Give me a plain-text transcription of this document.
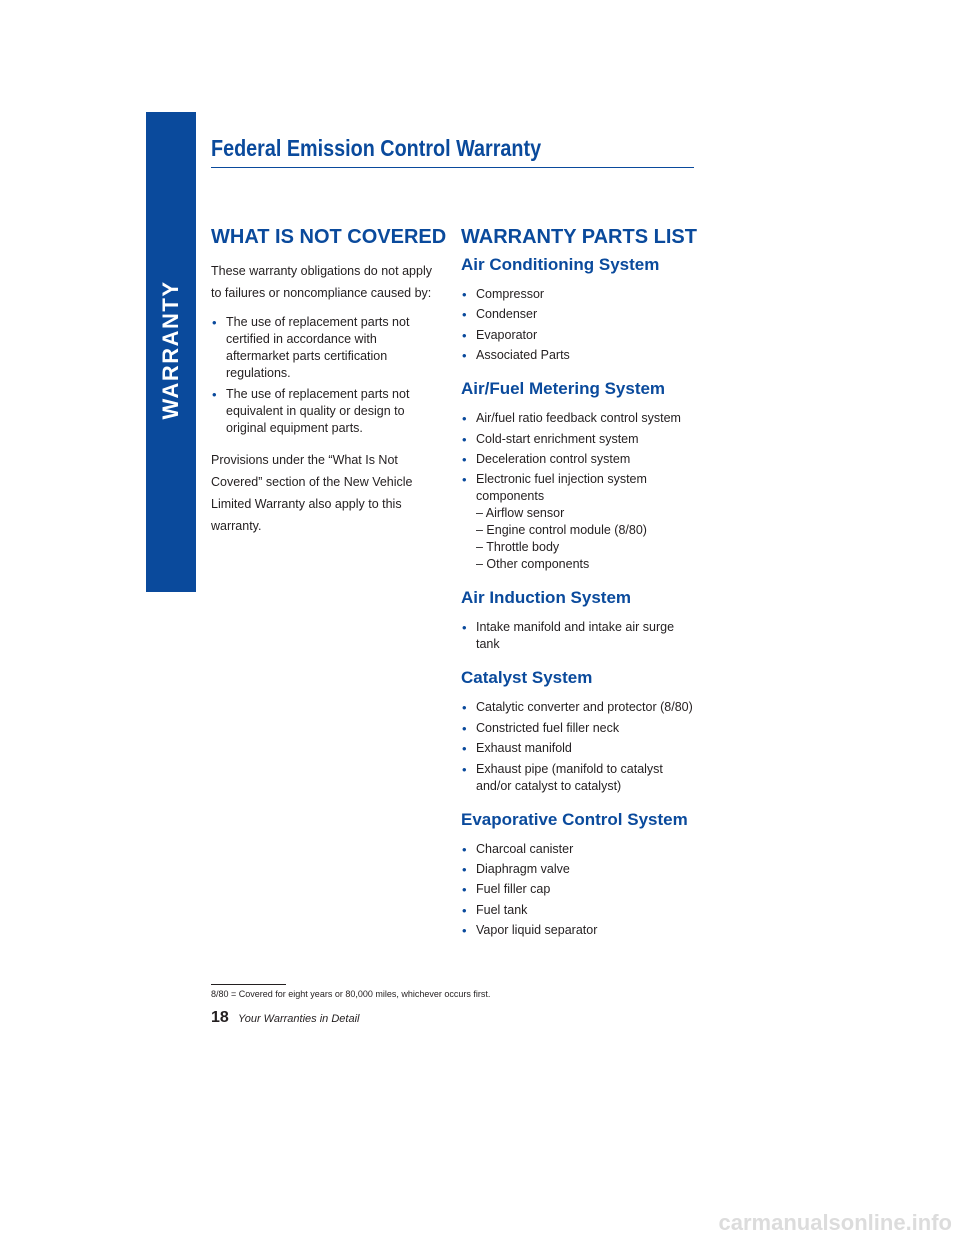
WARRANTY
Federal Emission Control Warranty
WHAT IS NOT COVERED

These warranty obligations do not apply to failures or noncompliance caused by:

• The use of replacement parts not certified in accordance with aftermarket parts certification regulations.
• The use of replacement parts not equivalent in quality or design to original equipment parts.

Provisions under the “What Is Not Covered” section of the New Vehicle Limited Warranty also apply to this warranty.

WARRANTY PARTS LIST
Air Conditioning System
• Compressor
• Condenser
• Evaporator
• Associated Parts
Air/Fuel Metering System
• Air/fuel ratio feedback control system
• Cold-start enrichment system
• Deceleration control system
• Electronic fuel injection system components
– Airflow sensor
– Engine control module (8/80)
– Throttle body
– Other components
Air Induction System
• Intake manifold and intake air surge tank
Catalyst System
• Catalytic converter and protector (8/80)
• Constricted fuel filler neck
• Exhaust manifold
• Exhaust pipe (manifold to catalyst and/or catalyst to catalyst)
Evaporative Control System
• Charcoal canister
• Diaphragm valve
• Fuel filler cap
• Fuel tank
• Vapor liquid separator
8/80 = Covered for eight years or 80,000 miles, whichever occurs first.
18 Your Warranties in Detail
carmanualsonline.info
